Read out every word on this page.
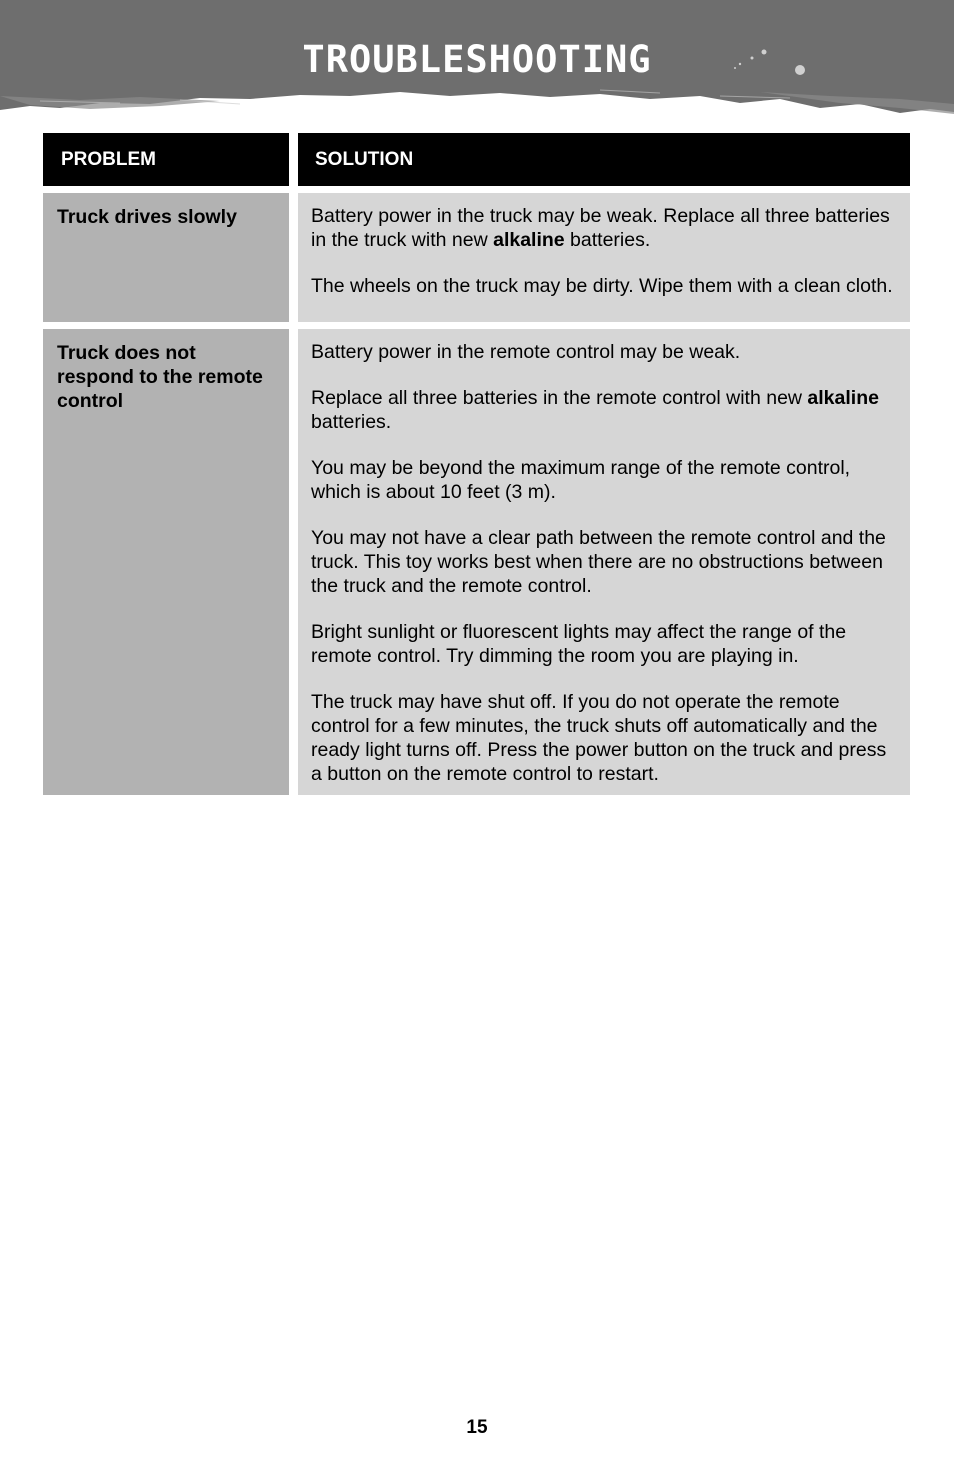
TROUBLESHOOTING
PROBLEM	SOLUTION
Truck drives slowly	Battery power in the truck may be weak. Replace all three batteries in the truck with new alkaline batteries.
The wheels on the truck may be dirty. Wipe them with a clean cloth.
Truck does not respond to the remote control
Battery power in the remote control may be weak.
Replace all three batteries in the remote control with new alkaline batteries.
You may be beyond the maximum range of the remote control, which is about 10 feet (3 m).
You may not have a clear path between the remote control and the truck. This toy works best when there are no obstructions between the truck and the remote control.
Bright sunlight or fluorescent lights may affect the range of the remote control. Try dimming the room you are playing in.
The truck may have shut off. If you do not operate the remote control for a few minutes, the truck shuts off automatically and the ready light turns off. Press the power button on the truck and press a button on the remote control to restart.
15
